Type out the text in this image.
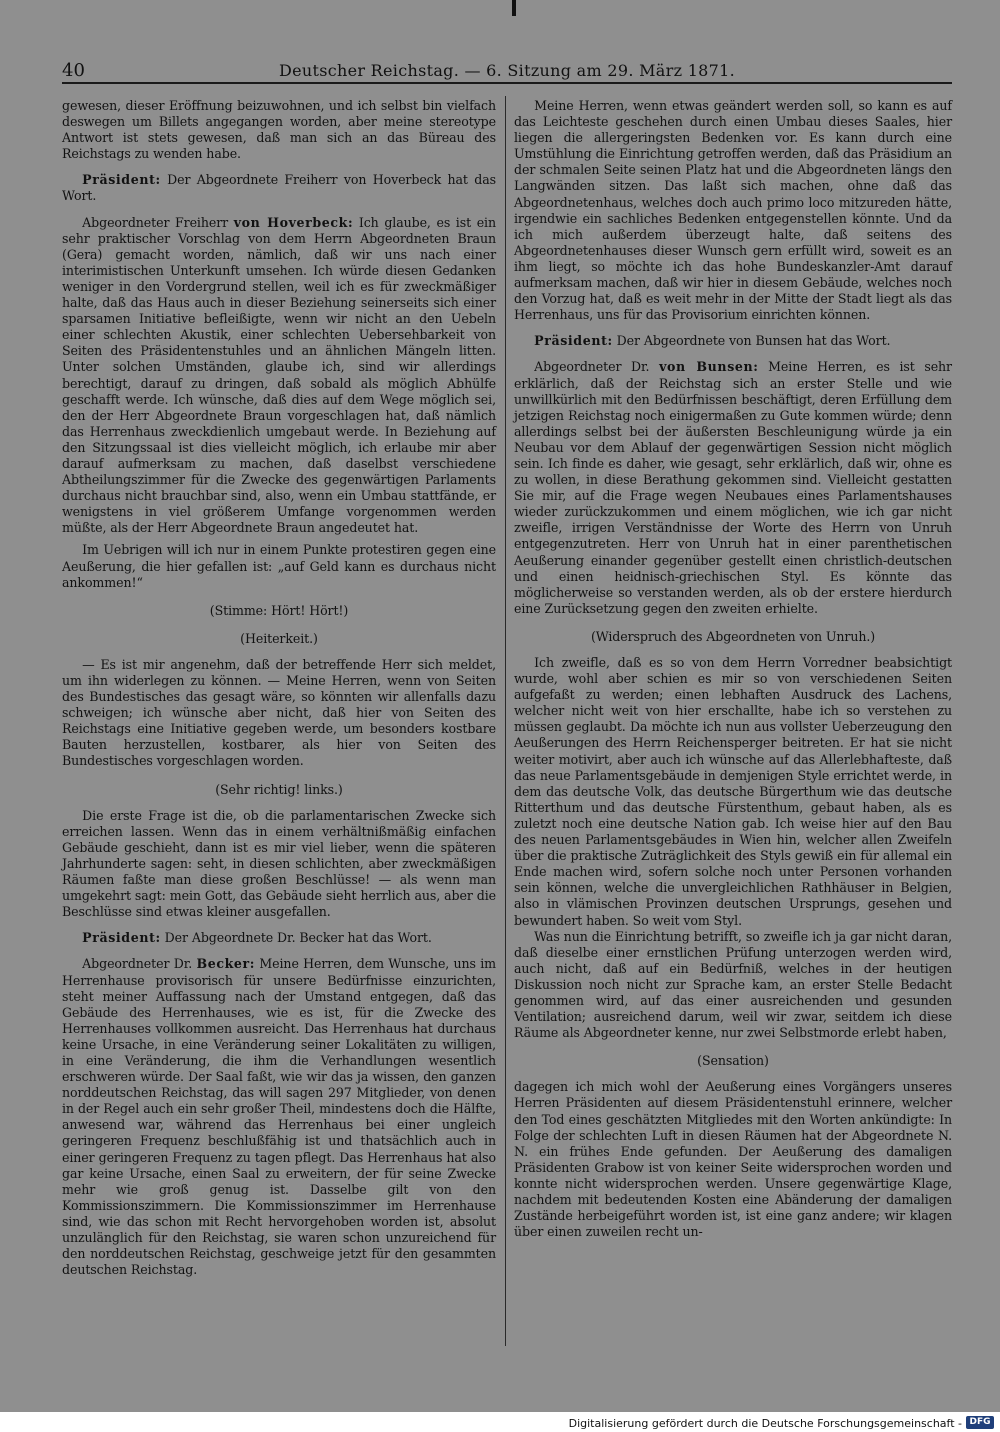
40	Deutscher Reichstag. — 6. Sitzung am 29. März 1871.

gewesen, dieser Eröffnung beizuwohnen, und ich selbst bin vielfach deswegen um Billets angegangen worden, aber meine stereotype Antwort ist stets gewesen, daß man sich an das Büreau des Reichstags zu wenden habe.

Präsident: Der Abgeordnete Freiherr von Hoverbeck hat das Wort.

Abgeordneter Freiherr von Hoverbeck: Ich glaube, es ist ein sehr praktischer Vorschlag von dem Herrn Abgeordneten Braun (Gera) gemacht worden, nämlich, daß wir uns nach einer interimistischen Unterkunft umsehen. Ich würde diesen Gedanken weniger in den Vordergrund stellen, weil ich es für zweckmäßiger halte, daß das Haus auch in dieser Beziehung seinerseits sich einer sparsamen Initiative befleißigte, wenn wir nicht an den Uebeln einer schlechten Akustik, einer schlechten Uebersehbarkeit von Seiten des Präsidentenstuhles und an ähnlichen Mängeln litten. Unter solchen Umständen, glaube ich, sind wir allerdings berechtigt, darauf zu dringen, daß sobald als möglich Abhülfe geschafft werde. Ich wünsche, daß dies auf dem Wege möglich sei, den der Herr Abgeordnete Braun vorgeschlagen hat, daß nämlich das Herrenhaus zweckdienlich umgebaut werde. In Beziehung auf den Sitzungssaal ist dies vielleicht möglich, ich erlaube mir aber darauf aufmerksam zu machen, daß daselbst verschiedene Abtheilungszimmer für die Zwecke des gegenwärtigen Parlaments durchaus nicht brauchbar sind, also, wenn ein Umbau stattfände, er wenigstens in viel größerem Umfange vorgenommen werden müßte, als der Herr Abgeordnete Braun angedeutet hat.

Im Uebrigen will ich nur in einem Punkte protestiren gegen eine Aeußerung, die hier gefallen ist: „auf Geld kann es durchaus nicht ankommen!“

(Stimme: Hört! Hört!)

(Heiterkeit.)

— Es ist mir angenehm, daß der betreffende Herr sich meldet, um ihn widerlegen zu können. — Meine Herren, wenn von Seiten des Bundestisches das gesagt wäre, so könnten wir allenfalls dazu schweigen; ich wünsche aber nicht, daß hier von Seiten des Reichstags eine Initiative gegeben werde, um besonders kostbare Bauten herzustellen, kostbarer, als hier von Seiten des Bundestisches vorgeschlagen worden.

(Sehr richtig! links.)

Die erste Frage ist die, ob die parlamentarischen Zwecke sich erreichen lassen. Wenn das in einem verhältnißmäßig einfachen Gebäude geschieht, dann ist es mir viel lieber, wenn die späteren Jahrhunderte sagen: seht, in diesen schlichten, aber zweckmäßigen Räumen faßte man diese großen Beschlüsse! — als wenn man umgekehrt sagt: mein Gott, das Gebäude sieht herrlich aus, aber die Beschlüsse sind etwas kleiner ausgefallen.

Präsident: Der Abgeordnete Dr. Becker hat das Wort.

Abgeordneter Dr. Becker: Meine Herren, dem Wunsche, uns im Herrenhause provisorisch für unsere Bedürfnisse einzurichten, steht meiner Auffassung nach der Umstand entgegen, daß das Gebäude des Herrenhauses, wie es ist, für die Zwecke des Herrenhauses vollkommen ausreicht. Das Herrenhaus hat durchaus keine Ursache, in eine Veränderung seiner Lokalitäten zu willigen, in eine Veränderung, die ihm die Verhandlungen wesentlich erschweren würde. Der Saal faßt, wie wir das ja wissen, den ganzen norddeutschen Reichstag, das will sagen 297 Mitglieder, von denen in der Regel auch ein sehr großer Theil, mindestens doch die Hälfte, anwesend war, während das Herrenhaus bei einer ungleich geringeren Frequenz beschlußfähig ist und thatsächlich auch in einer geringeren Frequenz zu tagen pflegt. Das Herrenhaus hat also gar keine Ursache, einen Saal zu erweitern, der für seine Zwecke mehr wie groß genug ist. Dasselbe gilt von den Kommissionszimmern. Die Kommissionszimmer im Herrenhause sind, wie das schon mit Recht hervorgehoben worden ist, absolut unzulänglich für den Reichstag, sie waren schon unzureichend für den norddeutschen Reichstag, geschweige jetzt für den gesammten deutschen Reichstag.

Meine Herren, wenn etwas geändert werden soll, so kann es auf das Leichteste geschehen durch einen Umbau dieses Saales, hier liegen die allergeringsten Bedenken vor. Es kann durch eine Umstühlung die Einrichtung getroffen werden, daß das Präsidium an der schmalen Seite seinen Platz hat und die Abgeordneten längs den Langwänden sitzen. Das laßt sich machen, ohne daß das Abgeordnetenhaus, welches doch auch primo loco mitzureden hätte, irgendwie ein sachliches Bedenken entgegenstellen könnte. Und da ich mich außerdem überzeugt halte, daß seitens des Abgeordnetenhauses dieser Wunsch gern erfüllt wird, soweit es an ihm liegt, so möchte ich das hohe Bundeskanzler-Amt darauf aufmerksam machen, daß wir hier in diesem Gebäude, welches noch den Vorzug hat, daß es weit mehr in der Mitte der Stadt liegt als das Herrenhaus, uns für das Provisorium einrichten können.

Präsident: Der Abgeordnete von Bunsen hat das Wort.

Abgeordneter Dr. von Bunsen: Meine Herren, es ist sehr erklärlich, daß der Reichstag sich an erster Stelle und wie unwillkürlich mit den Bedürfnissen beschäftigt, deren Erfüllung dem jetzigen Reichstag noch einigermaßen zu Gute kommen würde; denn allerdings selbst bei der äußersten Beschleunigung würde ja ein Neubau vor dem Ablauf der gegenwärtigen Session nicht möglich sein. Ich finde es daher, wie gesagt, sehr erklärlich, daß wir, ohne es zu wollen, in diese Berathung gekommen sind. Vielleicht gestatten Sie mir, auf die Frage wegen Neubaues eines Parlamentshauses wieder zurückzukommen und einem möglichen, wie ich gar nicht zweifle, irrigen Verständnisse der Worte des Herrn von Unruh entgegenzutreten. Herr von Unruh hat in einer parenthetischen Aeußerung einander gegenüber gestellt einen christlich-deutschen und einen heidnisch-griechischen Styl. Es könnte das möglicherweise so verstanden werden, als ob der erstere hierdurch eine Zurücksetzung gegen den zweiten erhielte.

(Widerspruch des Abgeordneten von Unruh.)

Ich zweifle, daß es so von dem Herrn Vorredner beabsichtigt wurde, wohl aber schien es mir so von verschiedenen Seiten aufgefaßt zu werden; einen lebhaften Ausdruck des Lachens, welcher nicht weit von hier erschallte, habe ich so verstehen zu müssen geglaubt. Da möchte ich nun aus vollster Ueberzeugung den Aeußerungen des Herrn Reichensperger beitreten. Er hat sie nicht weiter motivirt, aber auch ich wünsche auf das Allerlebhafteste, daß das neue Parlamentsgebäude in demjenigen Style errichtet werde, in dem das deutsche Volk, das deutsche Bürgerthum wie das deutsche Ritterthum und das deutsche Fürstenthum, gebaut haben, als es zuletzt noch eine deutsche Nation gab. Ich weise hier auf den Bau des neuen Parlamentsgebäudes in Wien hin, welcher allen Zweifeln über die praktische Zuträglichkeit des Styls gewiß ein für allemal ein Ende machen wird, sofern solche noch unter Personen vorhanden sein können, welche die unvergleichlichen Rathhäuser in Belgien, also in vlämischen Provinzen deutschen Ursprungs, gesehen und bewundert haben. So weit vom Styl.

Was nun die Einrichtung betrifft, so zweifle ich ja gar nicht daran, daß dieselbe einer ernstlichen Prüfung unterzogen werden wird, auch nicht, daß auf ein Bedürfniß, welches in der heutigen Diskussion noch nicht zur Sprache kam, an erster Stelle Bedacht genommen wird, auf das einer ausreichenden und gesunden Ventilation; ausreichend darum, weil wir zwar, seitdem ich diese Räume als Abgeordneter kenne, nur zwei Selbstmorde erlebt haben,

(Sensation)

dagegen ich mich wohl der Aeußerung eines Vorgängers unseres Herren Präsidenten auf diesem Präsidentenstuhl erinnere, welcher den Tod eines geschätzten Mitgliedes mit den Worten ankündigte: In Folge der schlechten Luft in diesen Räumen hat der Abgeordnete N. N. ein frühes Ende gefunden. Der Aeußerung des damaligen Präsidenten Grabow ist von keiner Seite widersprochen worden und konnte nicht widersprochen werden. Unsere gegenwärtige Klage, nachdem mit bedeutenden Kosten eine Abänderung der damaligen Zustände herbeigeführt worden ist, ist eine ganz andere; wir klagen über einen zuweilen recht un-

Digitalisierung gefördert durch die Deutsche Forschungsgemeinschaft - DFG
